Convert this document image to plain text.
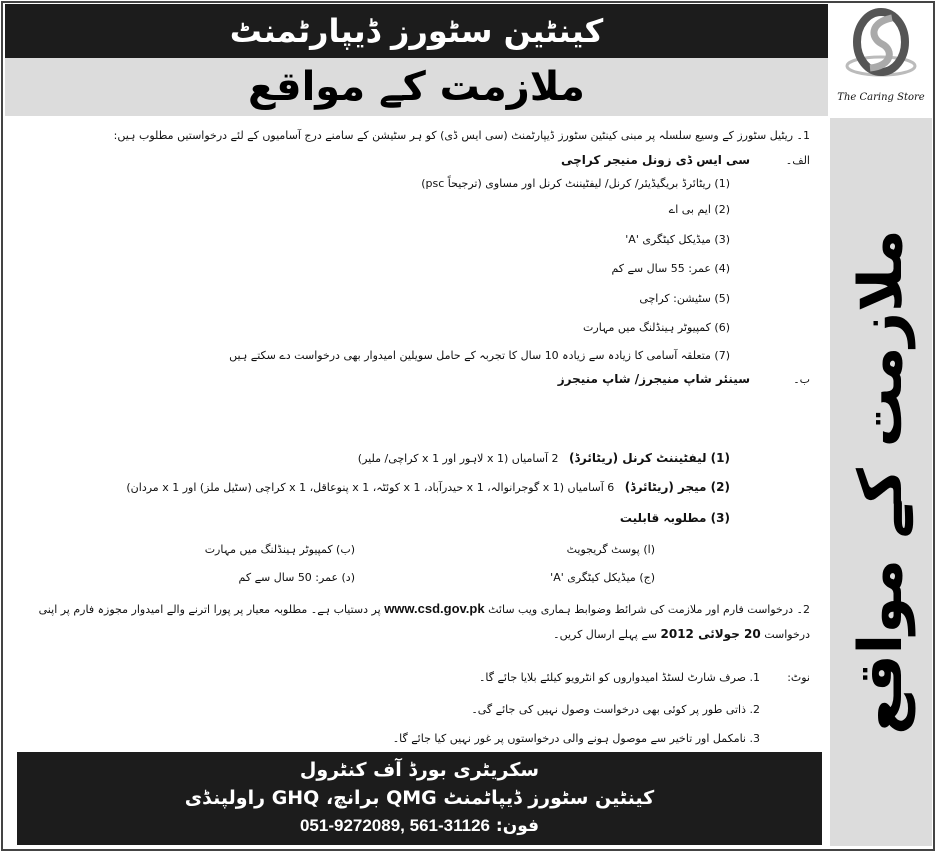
کینٹین سٹورز ڈیپارٹمنٹ
ملازمت کے مواقع	The Caring Store
ملازمت کے مواقع
1۔ ریٹیل سٹورز کے وسیع سلسلہ پر مبنی کینٹین سٹورز ڈیپارٹمنٹ (سی ایس ڈی) کو ہر سٹیشن کے سامنے درج آسامیوں کے لئے درخواستیں مطلوب ہیں:
الف۔
سی ایس ڈی زونل منیجر کراچی
(1) ریٹائرڈ بریگیڈیئر/ کرنل/ لیفٹیننٹ کرنل اور مساوی (ترجیحاً psc)
(2) ایم بی اے
(3) میڈیکل کیٹگری 'A'
(4) عمر: 55 سال سے کم
(5) سٹیشن: کراچی
(6) کمپیوٹر ہینڈلنگ میں مہارت
(7) متعلقہ آسامی کا زیادہ سے زیادہ 10 سال کا تجربہ کے حامل سویلین امیدوار بھی درخواست دے سکتے ہیں
ب۔
سینئر شاپ منیجرز/ شاپ منیجرز
(1) لیفٹیننٹ کرنل (ریٹائرڈ)   2 آسامیاں (1 x لاہور اور 1 x کراچی/ ملیر)
(2) میجر (ریٹائرڈ)   6 آسامیاں (1 x گوجرانوالہ، 1 x حیدرآباد، 1 x کوئٹہ، 1 x پنوعاقل، 1 x کراچی (سٹیل ملز) اور 1 x مردان)
(3) مطلوبہ قابلیت
(ا) پوسٹ گریجویٹ
(ب) کمپیوٹر ہینڈلنگ میں مہارت
(ج) میڈیکل کیٹگری 'A'
(د) عمر: 50 سال سے کم
2۔ درخواست فارم اور ملازمت کی شرائط وضوابط ہماری ویب سائٹ www.csd.gov.pk پر دستیاب ہے۔ مطلوبہ معیار پر پورا اترنے والے امیدوار مجوزہ فارم پر اپنی
درخواست 20 جولائی 2012 سے پہلے ارسال کریں۔
نوٹ:
1. صرف شارٹ لسٹڈ امیدواروں کو انٹرویو کیلئے بلایا جائے گا۔
2. ذاتی طور پر کوئی بھی درخواست وصول نہیں کی جائے گی۔
3. نامکمل اور تاخیر سے موصول ہونے والی درخواستوں پر غور نہیں کیا جائے گا۔
سکریٹری بورڈ آف کنٹرول
کینٹین سٹورز ڈیپاٹمنٹ QMG برانچ، GHQ راولپنڈی
فون: 051-9272089, 561-31126
